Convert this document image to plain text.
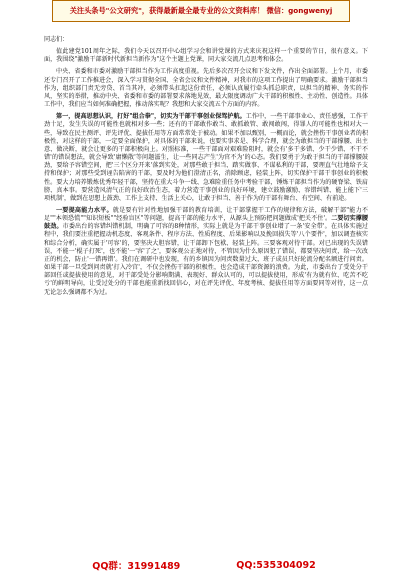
关注头条号"公文研究"，获得最新最全最专业的公文资料库！ 微信：gongwenyj

同志们：

值此建党101周年之际，我们今天以召开中心组学习会和讲党课的方式来庆祝这样一个重要的节日，很有意义。下面，我围绕"激励干部新时代新担当新作为"这个主题上党课，同大家交流几点思考和体会。

中央、省委和市委对激励干部担当作为工作高度重视。先后多次召开会议和下发文件，作出全面部署。上个月，市委还专门召开了工作推进会，深入学习贯彻全国、全省会议和文件精神，对我市的这项工作提出了明确要求。激励干部担当作为，组织部门责无旁贷、首当其冲，必须带头扛起这份责任，必须认真履行牵头抓总职责，以担当的精神、务实的作风，坚实的举措，推动中央、省委和市委的部署要求落地见效，最大限度调动广大干部的积极性、主动性、创造性。具体工作中，我们应当如何准确把握，推动落实呢？我想和大家交流五个方面的内容。

第一，提高思想认识，打好"组合拳"，切实为干部干事创业保驾护航。工作中，一些干部事业心、责任感强，工作干劲十足，发生失误的可能性也就相对多一些；还有的干部敢作敢当、敢抓敢管、敢闯敢闯，得罪人的可能性也相对大一些，导致在民主测评、评先评优、提拔任用等方面常常处于被动。如果不加以甄别，一概而论，就会挫伤干事创业者的积极性，对这样的干部，一定要全面保护，对具体的干部来说，也要实事求是、科学合理，就会为敢担当的干部撑腰、出主意、做决断，就会让更多的干部积极向上。对照标准，一些干部面对艰难险阻时，就会有'多干多错、少干少错、不干不错'的错误想法，就会导致'庸懒散'等问题滋生，让一些同志产生'为官不为'的心态。我们要勇于为敢于担当的干部撑腰鼓劲，要给予容错空间，把'三个区分开来'落到实处，对那些敢于担当、踏实做事、不谋私利的干部，要理直气壮地给予支持和保护；对那些受到诬告陷害的干部，要及时为他们澄清正名，消除顾虑，轻装上阵，切实保护干部干事创业的积极性。要大力培养锻炼优秀年轻干部，坚持在重大斗争一线、急难险重任务中考验干部，锤炼干部担当作为的硬脊梁、铁肩膀、真本事。要营造风清气正的良好政治生态，着力营造干事创业的良好环境，建立鼓励激励、容错纠错、能上能下'三项机制'，做到在思想上鼓劲、工作上支持、生活上关心，让敢于担当、善于作为的干部有舞台、有空间、有前途。

一要提高能力水平。就是要有针对性地加强干部的教育培训，让干部掌握干工作的规律和方法，破解干部"能力不足""本领恐慌""知识短板""经验盲区"等问题，提高干部的能力水平，从源头上预防把问题做成'把关不住'。二要切实撑腰鼓劲。市委出台的容错纠错机制，明确了可容的8种情形，实际上就是为干部干事创业增了一条'安全带'。在具体实施过程中，我们要注重把握动机态度、客观条件、程序方法、性质程度、后果影响以及挽回损失等'八个要件'，加以调查核实和综合分析，确实属于'可容'的，要坚决大胆容错，让干部卸下包袱、轻装上阵。三要客观对待干部。对已出现的失误错误，不能一'棍子打死'，也不能'一'容'了之'，要客观公正地对待，不管因为什么原因犯了错误，都要坚决问责，给一次改正的机会，防止'一错再错'。我们在调研中也发现，有的乡镇因为问责数量过大，班子成员只好轮流分配名额进行问责。如果干部一旦受到问责就'打入冷宫'，不仅会挫伤干部的积极性，也会造成干部资源的浪费。为此，市委出台了受处分干部回任或提拔使用的意见，对干部受处分影响期满、表现好、群众认可的，可以提拔使用，形成'有为就有位、吃苦不吃亏'的鲜明导向，让受过处分的干部也能重新找回信心，对在评先评优、年度考核、提拔任用等方面要同等对待，这一点无论怎么强调都不为过。

QQ群：31991489	QQ:535304092
